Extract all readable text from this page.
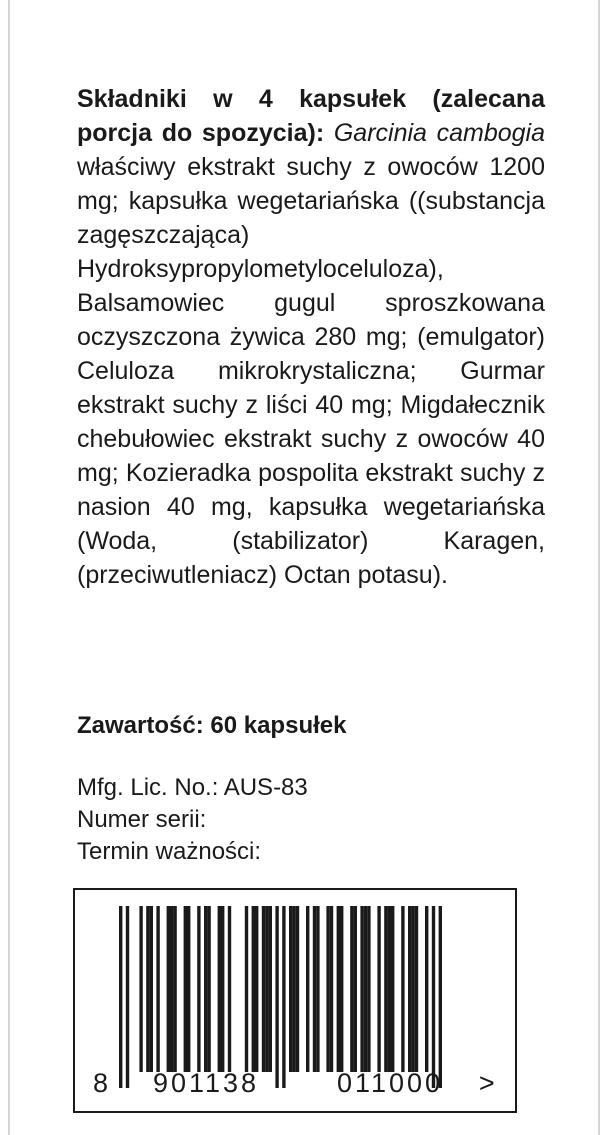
Składniki w 4 kapsułek (zalecana porcja do spozycia): Garcinia cambogia właściwy ekstrakt suchy z owoców 1200 mg; kapsułka wegetariańska ((substancja zagęszczająca) Hydroksypropylometyloceluloza), Balsamowiec gugul sproszkowana oczyszczona żywica 280 mg; (emulgator) Celuloza mikrokrystaliczna; Gurmar ekstrakt suchy z liści 40 mg; Migdałecznik chebułowiec ekstrakt suchy z owoców 40 mg; Kozieradka pospolita ekstrakt suchy z nasion 40 mg, kapsułka wegetariańska (Woda, (stabilizator) Karagen, (przeciwutleniacz) Octan potasu).

Zawartość: 60 kapsułek

Mfg. Lic. No.: AUS-83
Numer serii:
Termin ważności:
8 901138	011000 >
